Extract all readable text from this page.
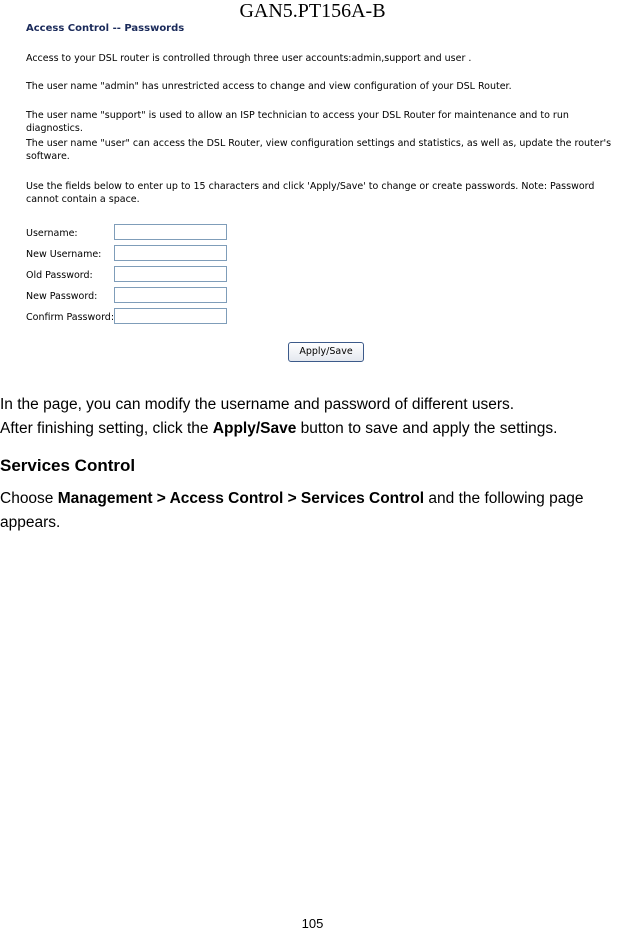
GAN5.PT156A-B
Access Control -- Passwords

Access to your DSL router is controlled through three user accounts:admin,support and user .

The user name "admin" has unrestricted access to change and view configuration of your DSL Router.

The user name "support" is used to allow an ISP technician to access your DSL Router for maintenance and to run diagnostics.

The user name "user" can access the DSL Router, view configuration settings and statistics, as well as, update the router's software.

Use the fields below to enter up to 15 characters and click 'Apply/Save' to change or create passwords. Note: Password cannot contain a space.

Username:
New Username:
Old Password:
New Password:
Confirm Password:
Apply/Save
In the page, you can modify the username and password of different users.
After finishing setting, click the Apply/Save button to save and apply the settings.
Services Control
Choose Management > Access Control > Services Control and the following page
appears.
105
